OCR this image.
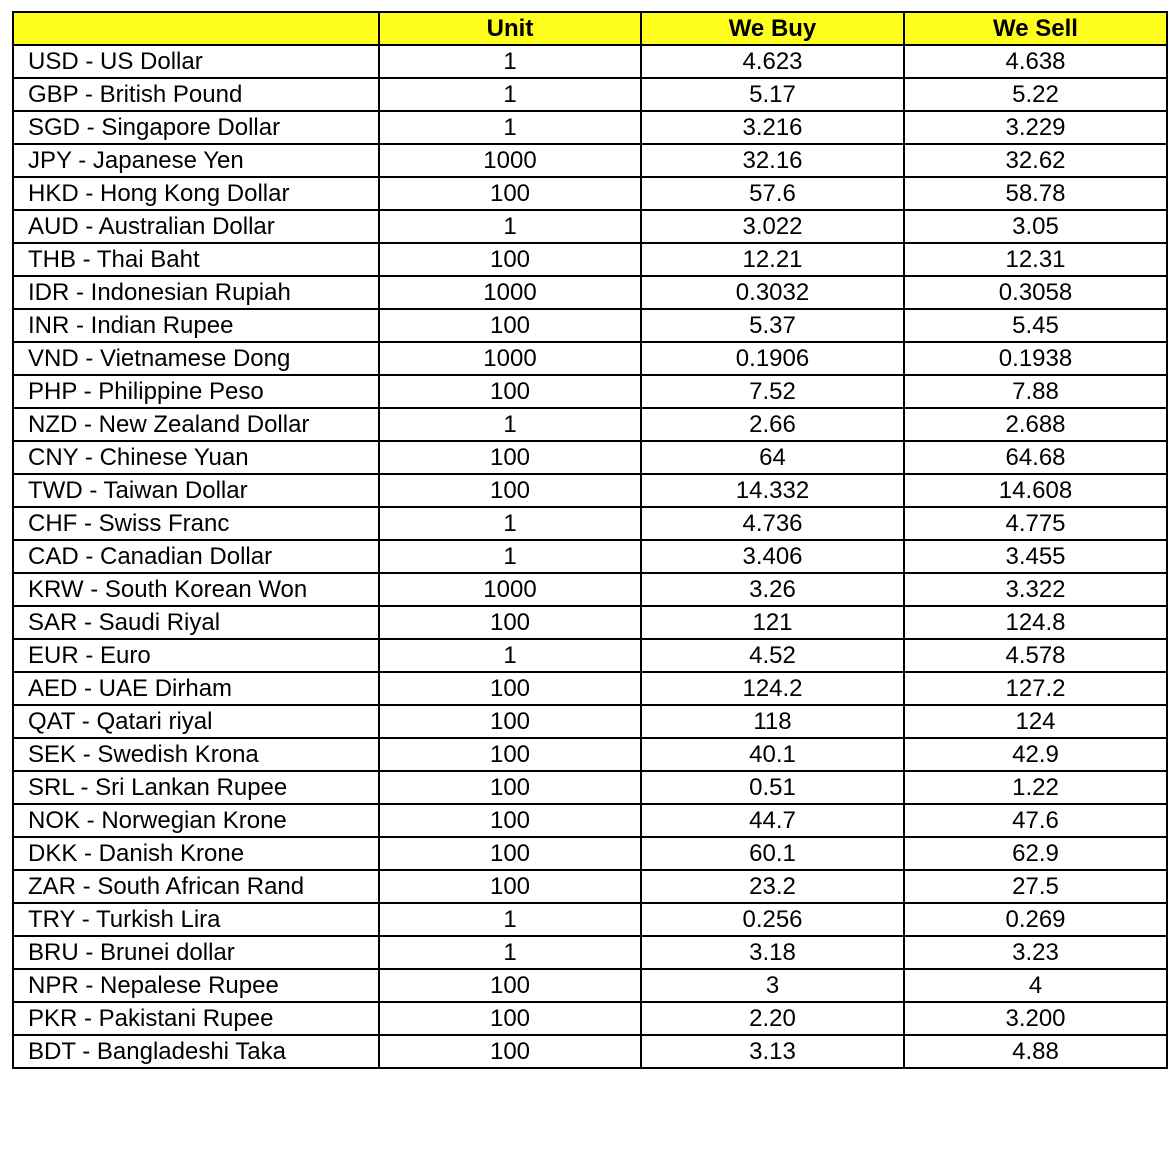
	Unit	We Buy	We Sell
USD - US Dollar	1	4.623	4.638
GBP - British Pound	1	5.17	5.22
SGD - Singapore Dollar	1	3.216	3.229
JPY - Japanese Yen	1000	32.16	32.62
HKD - Hong Kong Dollar	100	57.6	58.78
AUD - Australian Dollar	1	3.022	3.05
THB - Thai Baht	100	12.21	12.31
IDR - Indonesian Rupiah	1000	0.3032	0.3058
INR - Indian Rupee	100	5.37	5.45
VND - Vietnamese Dong	1000	0.1906	0.1938
PHP - Philippine Peso	100	7.52	7.88
NZD - New Zealand Dollar	1	2.66	2.688
CNY - Chinese Yuan	100	64	64.68
TWD - Taiwan Dollar	100	14.332	14.608
CHF - Swiss Franc	1	4.736	4.775
CAD - Canadian Dollar	1	3.406	3.455
KRW - South Korean Won	1000	3.26	3.322
SAR - Saudi Riyal	100	121	124.8
EUR - Euro	1	4.52	4.578
AED - UAE Dirham	100	124.2	127.2
QAT - Qatari riyal	100	118	124
SEK - Swedish Krona	100	40.1	42.9
SRL - Sri Lankan Rupee	100	0.51	1.22
NOK - Norwegian Krone	100	44.7	47.6
DKK - Danish Krone	100	60.1	62.9
ZAR - South African Rand	100	23.2	27.5
TRY - Turkish Lira	1	0.256	0.269
BRU - Brunei dollar	1	3.18	3.23
NPR - Nepalese Rupee	100	3	4
PKR - Pakistani Rupee	100	2.20	3.200
BDT - Bangladeshi Taka	100	3.13	4.88
